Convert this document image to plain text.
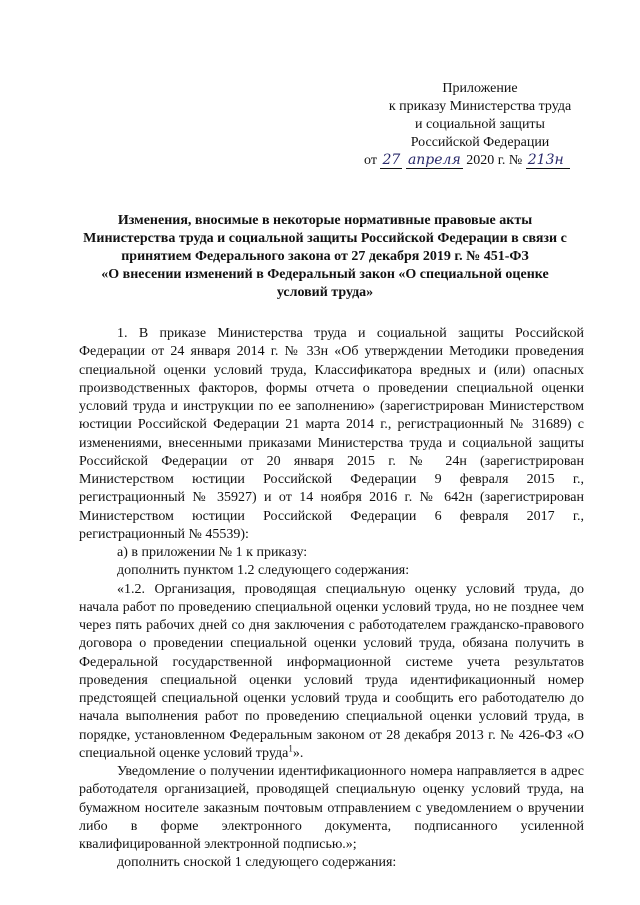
Приложение
к приказу Министерства труда
и социальной защиты
Российской Федерации
от 27 апреля 2020 г. № 213н
Изменения, вносимые в некоторые нормативные правовые акты
Министерства труда и социальной защиты Российской Федерации в связи с
принятием Федерального закона от 27 декабря 2019 г. № 451-ФЗ
«О внесении изменений в Федеральный закон «О специальной оценке
условий труда»

1. В приказе Министерства труда и социальной защиты Российской Федерации от 24 января 2014 г. № 33н «Об утверждении Методики проведения специальной оценки условий труда, Классификатора вредных и (или) опасных производственных факторов, формы отчета о проведении специальной оценки условий труда и инструкции по ее заполнению» (зарегистрирован Министерством юстиции Российской Федерации 21 марта 2014 г., регистрационный № 31689) с изменениями, внесенными приказами Министерства труда и социальной защиты Российской Федерации от 20 января 2015 г. № 24н (зарегистрирован Министерством юстиции Российской Федерации 9 февраля 2015 г., регистрационный № 35927) и от 14 ноября 2016 г. № 642н (зарегистрирован Министерством юстиции Российской Федерации 6 февраля 2017 г., регистрационный № 45539):

а) в приложении № 1 к приказу:

дополнить пунктом 1.2 следующего содержания:

«1.2. Организация, проводящая специальную оценку условий труда, до начала работ по проведению специальной оценки условий труда, но не позднее чем через пять рабочих дней со дня заключения с работодателем гражданско-правового договора о проведении специальной оценки условий труда, обязана получить в Федеральной государственной информационной системе учета результатов проведения специальной оценки условий труда идентификационный номер предстоящей специальной оценки условий труда и сообщить его работодателю до начала выполнения работ по проведению специальной оценки условий труда, в порядке, установленном Федеральным законом от 28 декабря 2013 г. № 426-ФЗ «О специальной оценке условий труда$^1$».

Уведомление о получении идентификационного номера направляется в адрес работодателя организацией, проводящей специальную оценку условий труда, на бумажном носителе заказным почтовым отправлением с уведомлением о вручении либо в форме электронного документа, подписанного усиленной квалифицированной электронной подписью.»;

дополнить сноской 1 следующего содержания:
